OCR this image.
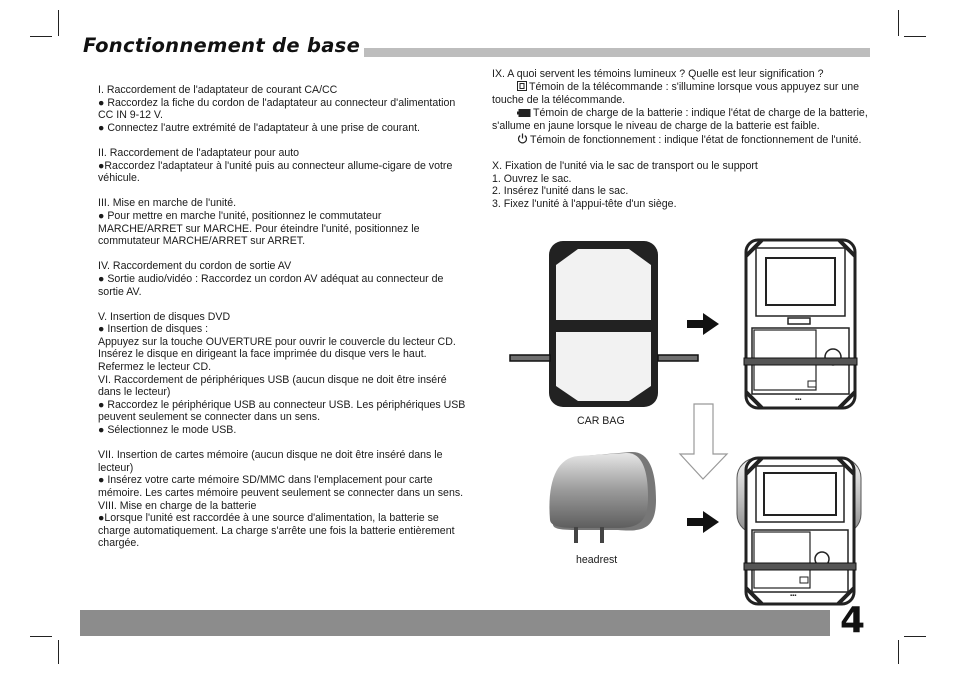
Fonctionnement de base

I. Raccordement de l'adaptateur de courant CA/CC

● Raccordez la fiche du cordon de l'adaptateur au connecteur d'alimentation CC IN 9-12 V.

● Connectez l'autre extrémité de l'adaptateur à une prise de courant.

II. Raccordement de l'adaptateur pour auto

●Raccordez l'adaptateur à l'unité puis au connecteur allume-cigare de votre véhicule.

III. Mise en marche de l'unité.

● Pour mettre en marche l'unité, positionnez le commutateur MARCHE/ARRET sur MARCHE. Pour éteindre l'unité, positionnez le commutateur MARCHE/ARRET sur ARRET.

IV. Raccordement du cordon de sortie AV

● Sortie audio/vidéo : Raccordez un cordon AV adéquat au connecteur de sortie AV.

V. Insertion de disques DVD

● Insertion de disques :

Appuyez sur la touche OUVERTURE pour ouvrir le couvercle du lecteur CD.

Insérez le disque en dirigeant la face imprimée du disque vers le haut.

Refermez le lecteur CD.

VI. Raccordement de périphériques USB (aucun disque ne doit être inséré dans le lecteur)

● Raccordez le périphérique USB au connecteur USB. Les périphériques USB peuvent seulement se connecter dans un sens.

● Sélectionnez le mode USB.

VII. Insertion de cartes mémoire (aucun disque ne doit être inséré dans le lecteur)

● Insérez votre carte mémoire SD/MMC dans l'emplacement pour carte mémoire. Les cartes mémoire peuvent seulement se connecter dans un sens.

VIII. Mise en charge de la batterie

●Lorsque l'unité est raccordée à une source d'alimentation, la batterie se charge automatiquement. La charge s'arrête une fois la batterie entièrement chargée.

IX. A quoi servent les témoins lumineux ? Quelle est leur signification ?

Témoin de la télécommande : s'illumine lorsque vous appuyez sur une touche de la télécommande.

Témoin de charge de la batterie : indique l'état de charge de la batterie, s'allume en jaune lorsque le niveau de charge de la batterie est faible.

Témoin de fonctionnement : indique l'état de fonctionnement de l'unité.

X. Fixation de l'unité via le sac de transport ou le support

1. Ouvrez le sac.

2. Insérez l'unité dans le sac.

3. Fixez l'unité à l'appui-tête d'un siège.

CAR BAG
▪▪▪
headrest
▪▪▪
4
